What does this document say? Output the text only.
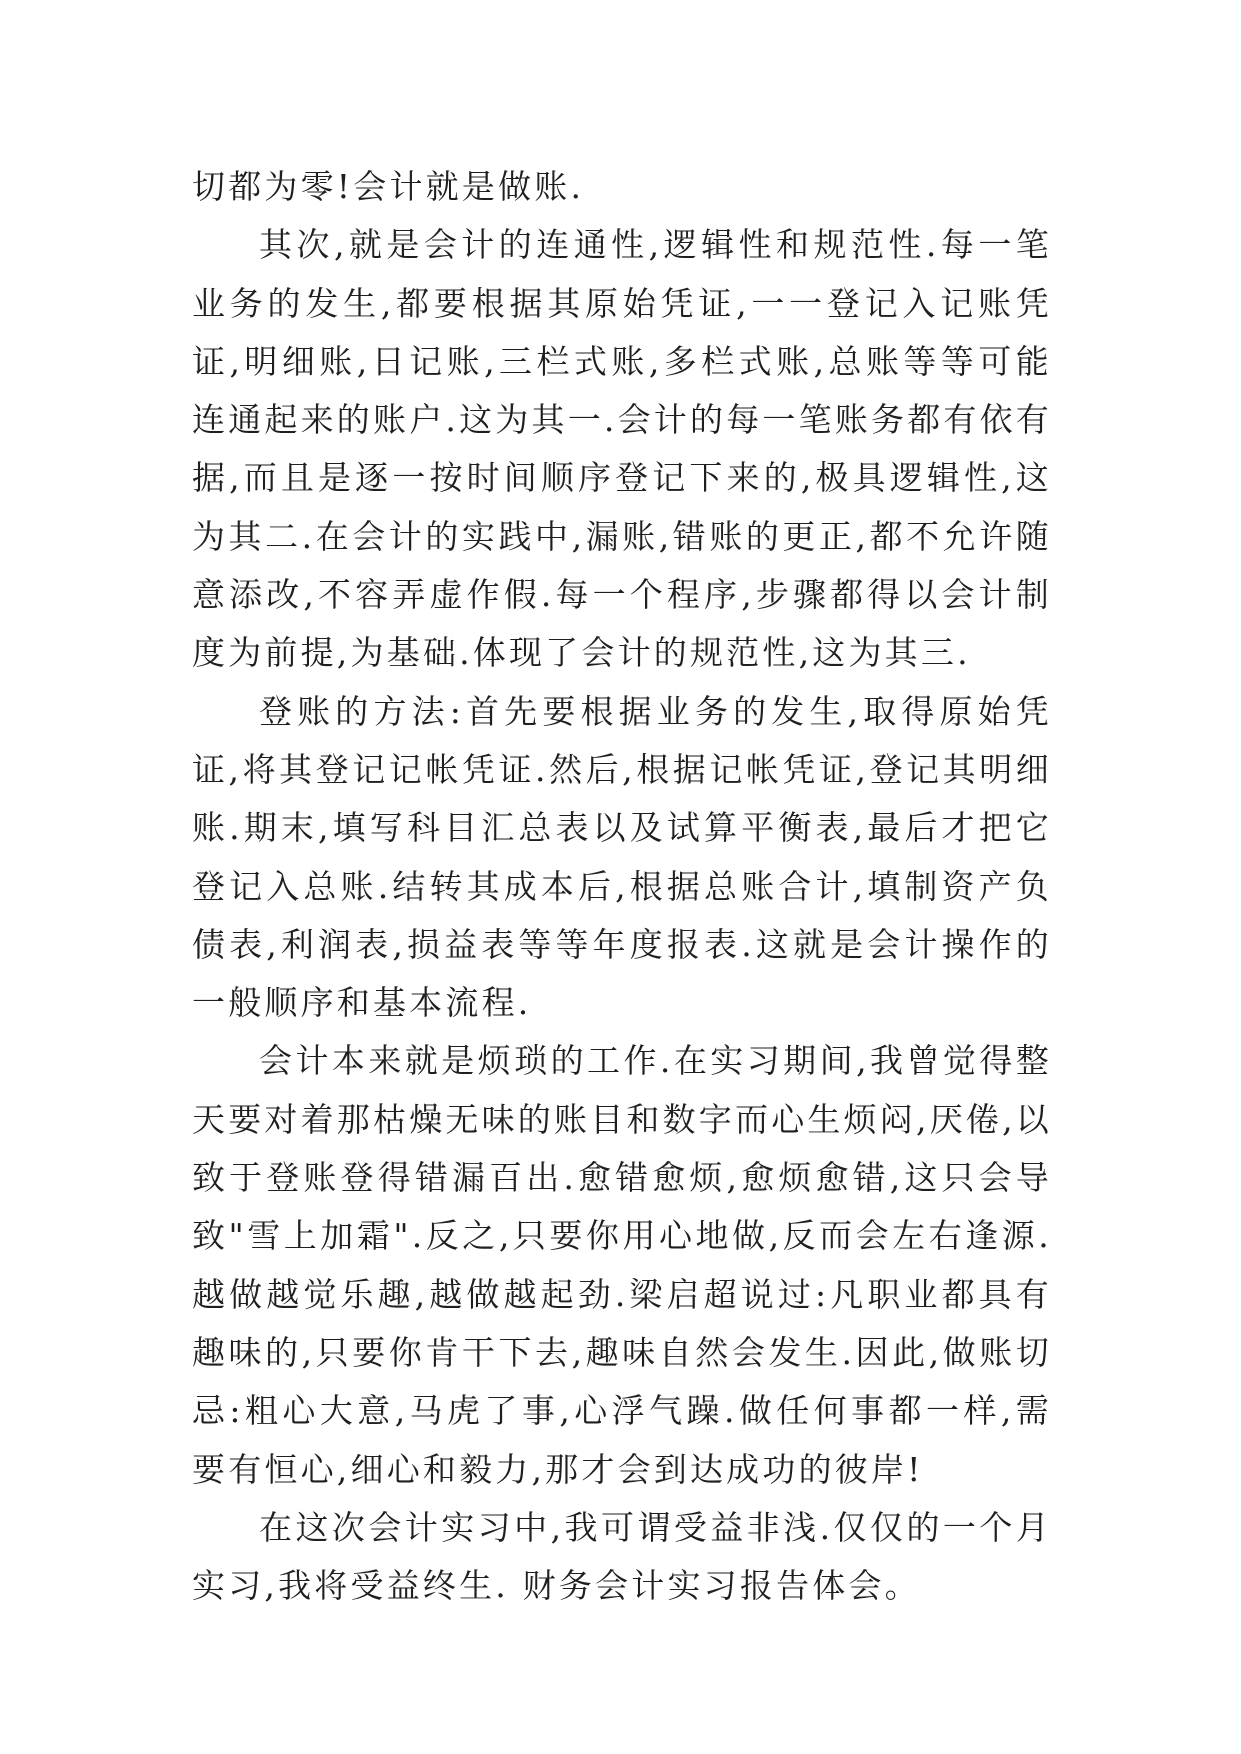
切都为零!会计就是做账.

其次,就是会计的连通性,逻辑性和规范性.每一笔业务的发生,都要根据其原始凭证,一一登记入记账凭证,明细账,日记账,三栏式账,多栏式账,总账等等可能连通起来的账户.这为其一.会计的每一笔账务都有依有据,而且是逐一按时间顺序登记下来的,极具逻辑性,这为其二.在会计的实践中,漏账,错账的更正,都不允许随意添改,不容弄虚作假.每一个程序,步骤都得以会计制度为前提,为基础.体现了会计的规范性,这为其三.

登账的方法:首先要根据业务的发生,取得原始凭证,将其登记记帐凭证.然后,根据记帐凭证,登记其明细账.期末,填写科目汇总表以及试算平衡表,最后才把它登记入总账.结转其成本后,根据总账合计,填制资产负债表,利润表,损益表等等年度报表.这就是会计操作的一般顺序和基本流程.

会计本来就是烦琐的工作.在实习期间,我曾觉得整天要对着那枯燥无味的账目和数字而心生烦闷,厌倦,以致于登账登得错漏百出.愈错愈烦,愈烦愈错,这只会导致"雪上加霜".反之,只要你用心地做,反而会左右逢源.越做越觉乐趣,越做越起劲.梁启超说过:凡职业都具有趣味的,只要你肯干下去,趣味自然会发生.因此,做账切忌:粗心大意,马虎了事,心浮气躁.做任何事都一样,需要有恒心,细心和毅力,那才会到达成功的彼岸!

在这次会计实习中,我可谓受益非浅.仅仅的一个月实习,我将受益终生. 财务会计实习报告体会。
